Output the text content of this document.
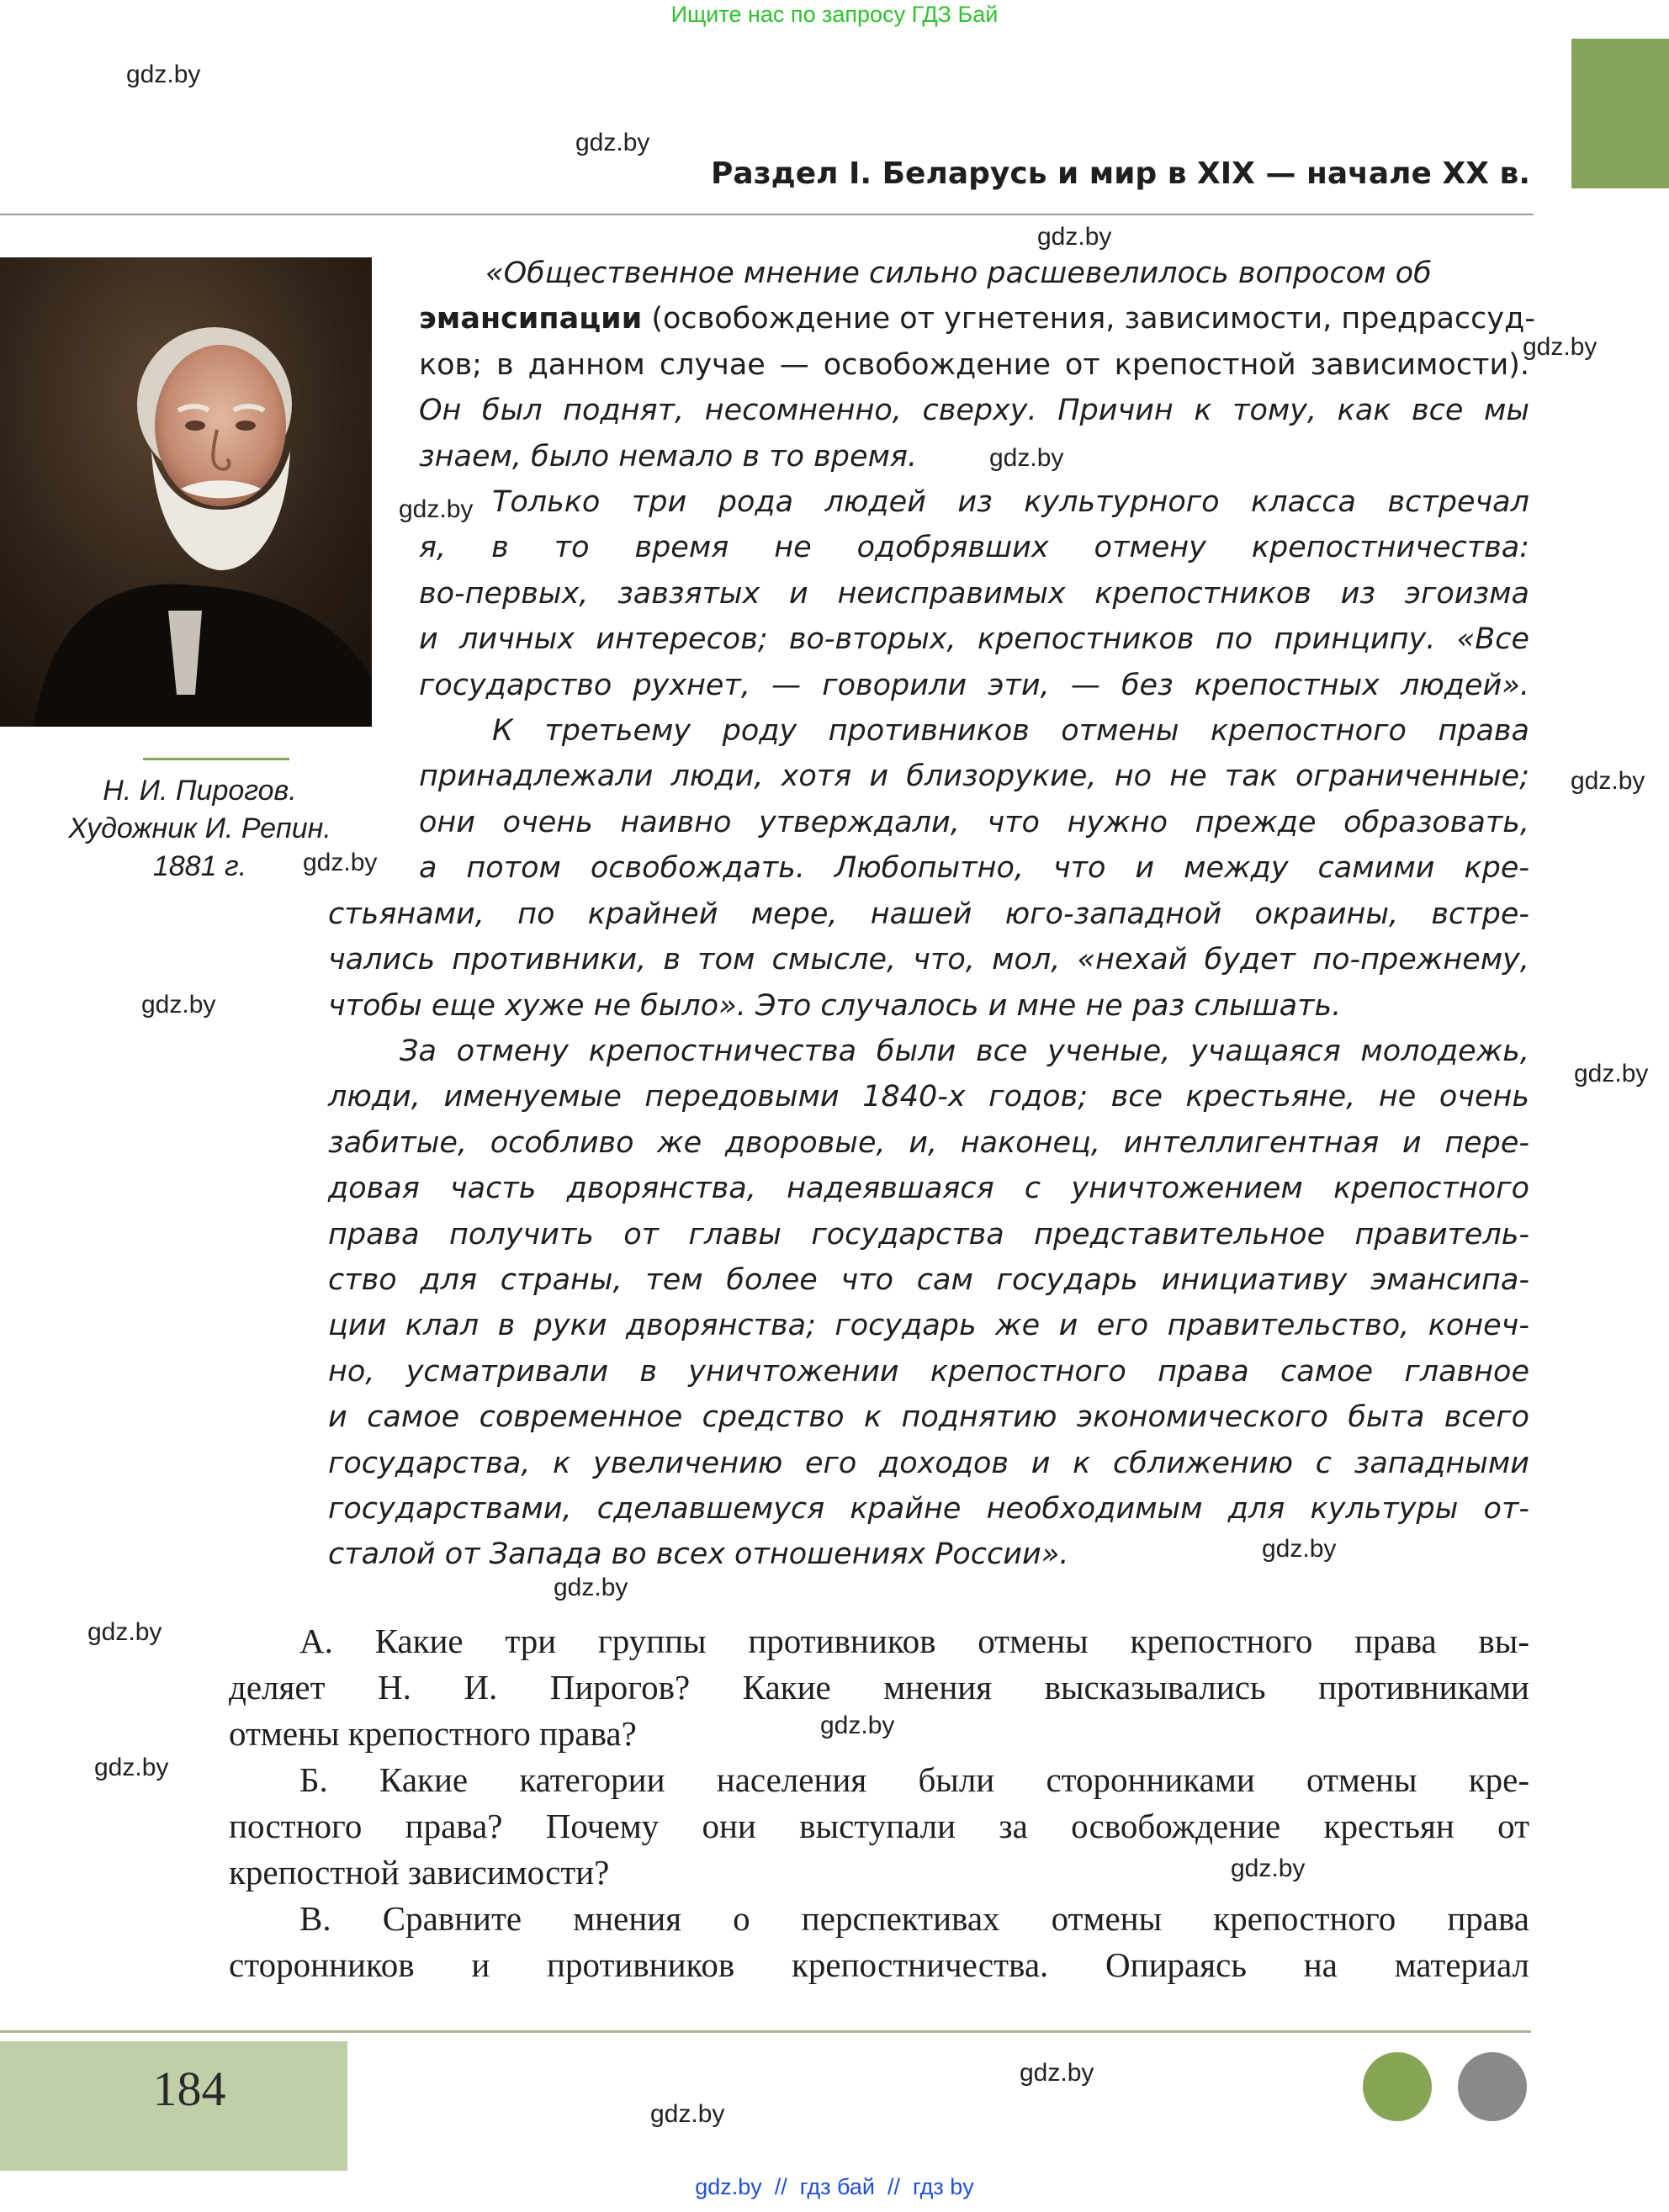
Ищите нас по запросу ГДЗ Бай
Раздел I. Беларусь и мир в XIX — начале XX в.
Н. И. Пирогов.
Художник И. Репин.
1881 г.
«Общественное мнение сильно расшевелилось вопросом об
эмансипации (освобождение от угнетения, зависимости, предрассуд-
ков; в данном случае — освобождение от крепостной зависимости).
Он был поднят, несомненно, сверху. Причин к тому, как все мы
знаем, было немало в то время.
Только три рода людей из культурного класса встречал
я, в то время не одобрявших отмену крепостничества:
во-первых, завзятых и неисправимых крепостников из эгоизма
и личных интересов; во-вторых, крепостников по принципу. «Все
государство рухнет, — говорили эти, — без крепостных людей».
К третьему роду противников отмены крепостного права
принадлежали люди, хотя и близорукие, но не так ограниченные;
они очень наивно утверждали, что нужно прежде образовать,
а потом освобождать. Любопытно, что и между самими кре-
стьянами, по крайней мере, нашей юго-западной окраины, встре-
чались противники, в том смысле, что, мол, «нехай будет по-прежнему,
чтобы еще хуже не было». Это случалось и мне не раз слышать.
За отмену крепостничества были все ученые, учащаяся молодежь,
люди, именуемые передовыми 1840-х годов; все крестьяне, не очень
забитые, особливо же дворовые, и, наконец, интеллигентная и пере-
довая часть дворянства, надеявшаяся с уничтожением крепостного
права получить от главы государства представительное правитель-
ство для страны, тем более что сам государь инициативу эмансипа-
ции клал в руки дворянства; государь же и его правительство, конеч-
но, усматривали в уничтожении крепостного права самое главное
и самое современное средство к поднятию экономического быта всего
государства, к увеличению его доходов и к сближению с западными
государствами, сделавшемуся крайне необходимым для культуры от-
сталой от Запада во всех отношениях России».
А. Какие три группы противников отмены крепостного права вы-
деляет Н. И. Пирогов? Какие мнения высказывались противниками
отмены крепостного права?
Б. Какие категории населения были сторонниками отмены кре-
постного права? Почему они выступали за освобождение крестьян от
крепостной зависимости?
В. Сравните мнения о перспективах отмены крепостного права
сторонников и противников крепостничества. Опираясь на материал
gdz.by
gdz.by
gdz.by
gdz.by
gdz.by
gdz.by
gdz.by
gdz.by
gdz.by
gdz.by
gdz.by
gdz.by
gdz.by
gdz.by
gdz.by
gdz.by
gdz.by
gdz.by
184
gdz.by  //  гдз бай  //  гдз by
